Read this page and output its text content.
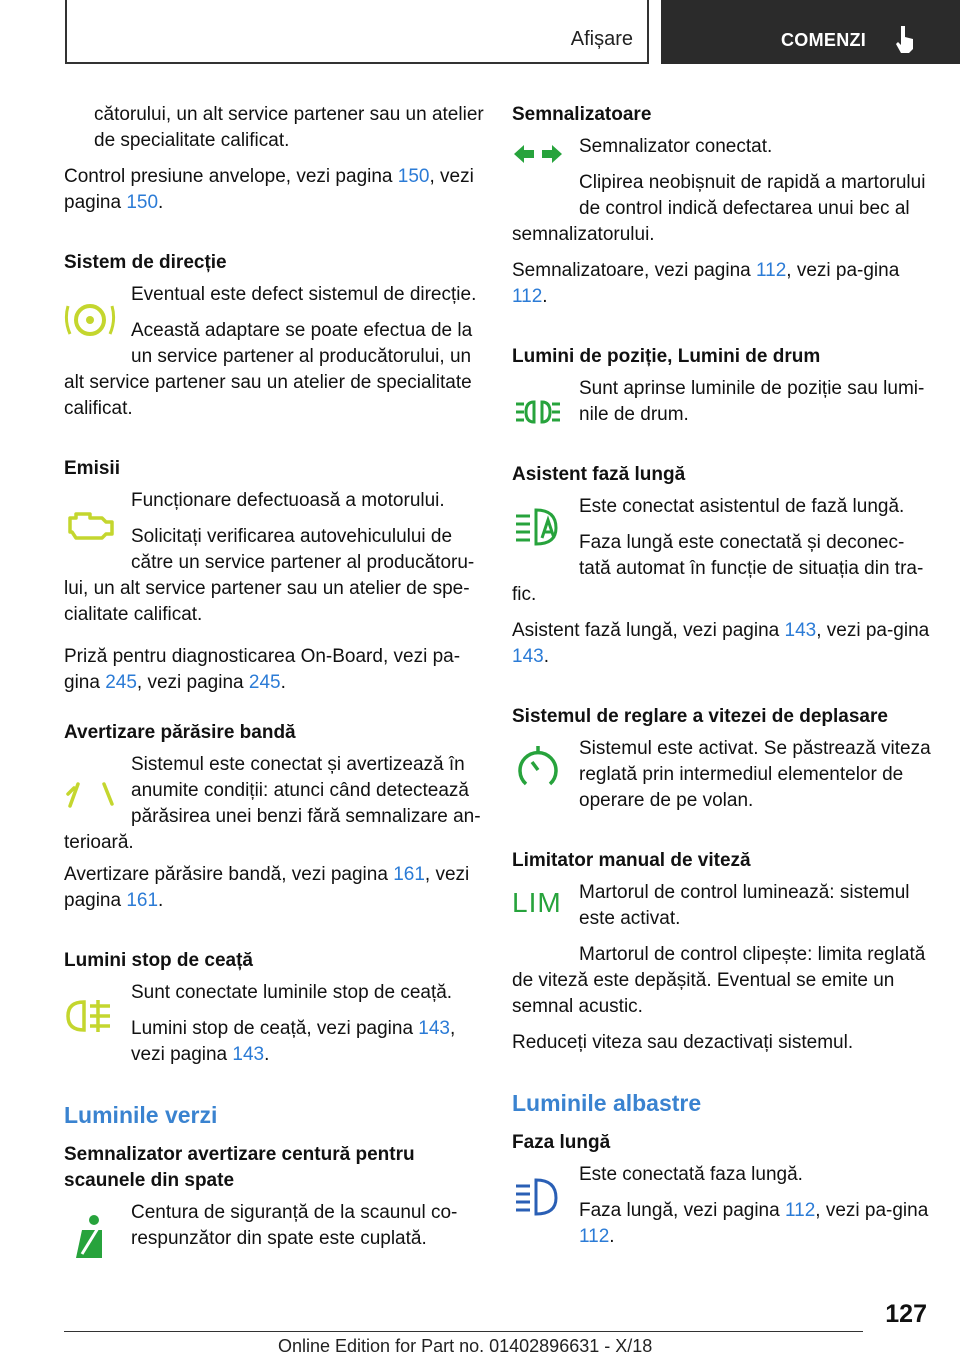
Afișare	COMENZI

cătorului, un alt service partener sau un atelier de specialitate calificat.

Control presiune anvelope, vezi pagina 150, vezi pagina 150.

Sistem de direcție

Eventual este defect sistemul de direcție.

Această adaptare se poate efectua de la un service partener al producătorului, un

alt service partener sau un atelier de specialitate calificat.

Emisii

Funcționare defectuoasă a motorului.

Solicitați verificarea autovehiculului de către un service partener al producătoru-

lui, un alt service partener sau un atelier de spe-cialitate calificat.

Priză pentru diagnosticarea On-Board, vezi pa-gina 245, vezi pagina 245.

Avertizare părăsire bandă

Sistemul este conectat și avertizează în anumite condiții: atunci când detectează părăsirea unei benzi fără semnalizare an-

terioară.

Avertizare părăsire bandă, vezi pagina 161, vezi pagina 161.

Lumini stop de ceață

Sunt conectate luminile stop de ceață.

Lumini stop de ceață, vezi pagina 143, vezi pagina 143.

Luminile verzi

Semnalizator avertizare centură pentru scaunele din spate

Centura de siguranță de la scaunul co-respunzător din spate este cuplată.

Semnalizatoare

Semnalizator conectat.

Clipirea neobișnuit de rapidă a martorului de control indică defectarea unui bec al

semnalizatorului.

Semnalizatoare, vezi pagina 112, vezi pa-gina 112.

Lumini de poziție, Lumini de drum

Sunt aprinse luminile de poziție sau lumi-nile de drum.

Asistent fază lungă

Este conectat asistentul de fază lungă.

Faza lungă este conectată și deconec-tată automat în funcție de situația din tra-

fic.

Asistent fază lungă, vezi pagina 143, vezi pa-gina 143.

Sistemul de reglare a vitezei de deplasare

Sistemul este activat. Se păstrează viteza reglată prin intermediul elementelor de operare de pe volan.

Limitator manual de viteză

LIM Martorul de control luminează: sistemul este activat.

Martorul de control clipește: limita reglată

de viteză este depășită. Eventual se emite un semnal acustic.

Reduceți viteza sau dezactivați sistemul.

Luminile albastre

Faza lungă

Este conectată faza lungă.

Faza lungă, vezi pagina 112, vezi pa-gina 112.

127
Online Edition for Part no. 01402896631 - X/18
